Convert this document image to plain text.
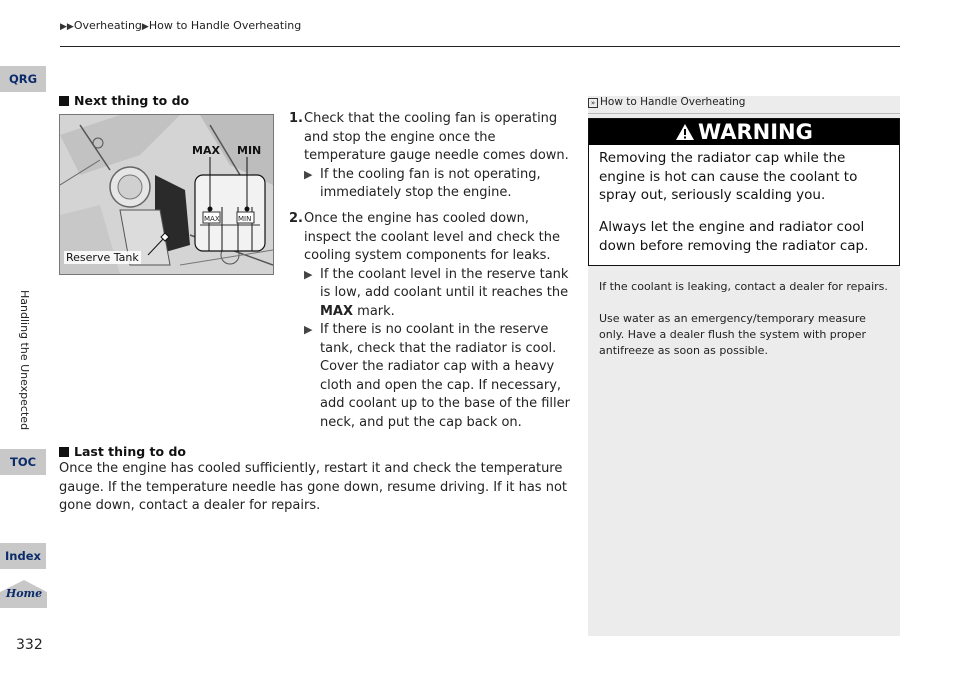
▶▶Overheating▶How to Handle Overheating
QRG
Handling the Unexpected
TOC
Index
Home
332
Next thing to do
MAX	MIN
MAX MIN
Reserve Tank
1. Check that the cooling fan is operating and stop the engine once the temperature gauge needle comes down.
▶ If the cooling fan is not operating, immediately stop the engine.
2. Once the engine has cooled down, inspect the coolant level and check the cooling system components for leaks.
▶ If the coolant level in the reserve tank is low, add coolant until it reaches the MAX mark.
▶ If there is no coolant in the reserve tank, check that the radiator is cool. Cover the radiator cap with a heavy cloth and open the cap. If necessary, add coolant up to the base of the filler neck, and put the cap back on.
Last thing to do
Once the engine has cooled sufficiently, restart it and check the temperature gauge. If the temperature needle has gone down, resume driving. If it has not gone down, contact a dealer for repairs.
» How to Handle Overheating
WARNING
Removing the radiator cap while the engine is hot can cause the coolant to spray out, seriously scalding you.
Always let the engine and radiator cool down before removing the radiator cap.
If the coolant is leaking, contact a dealer for repairs.
Use water as an emergency/temporary measure only. Have a dealer flush the system with proper antifreeze as soon as possible.
